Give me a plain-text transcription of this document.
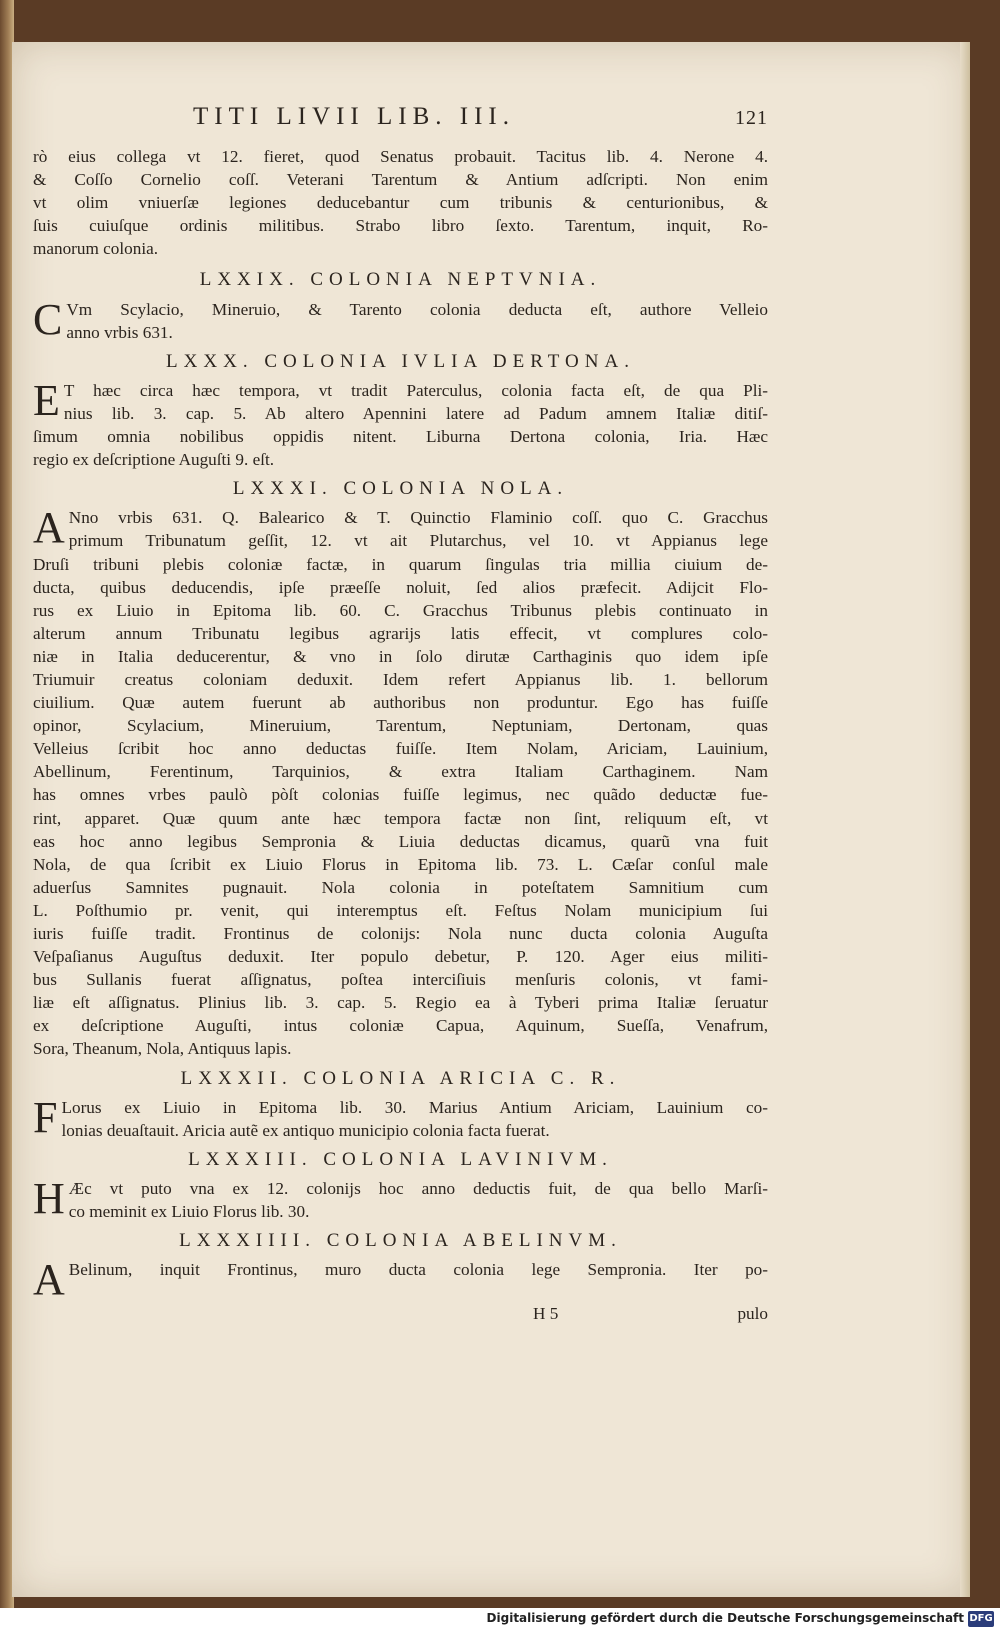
TITI LIVII LIB. III.	121
rò eius collega vt 12. fieret, quod Senatus probauit. Tacitus lib. 4. Nerone 4.
& Coſſo Cornelio coſſ. Veterani Tarentum & Antium adſcripti. Non enim
vt olim vniuerſæ legiones deducebantur cum tribunis & centurionibus, &
ſuis cuiuſque ordinis militibus. Strabo libro ſexto. Tarentum, inquit, Ro-
manorum colonia.
LXXIX. COLONIA NEPTVNIA.
C Vm Scylacio, Mineruio, & Tarento colonia deducta eſt, authore Velleio
anno vrbis 631.
LXXX. COLONIA IVLIA DERTONA.
E T hæc circa hæc tempora, vt tradit Paterculus, colonia facta eſt, de qua Pli-
nius lib. 3. cap. 5. Ab altero Apennini latere ad Padum amnem Italiæ ditiſ-
ſimum omnia nobilibus oppidis nitent. Liburna Dertona colonia, Iria. Hæc
regio ex deſcriptione Auguſti 9. eſt.
LXXXI. COLONIA NOLA.
A Nno vrbis 631. Q. Balearico & T. Quinctio Flaminio coſſ. quo C. Gracchus
primum Tribunatum geſſit, 12. vt ait Plutarchus, vel 10. vt Appianus lege
Druſi tribuni plebis coloniæ factæ, in quarum ſingulas tria millia ciuium de-
ducta, quibus deducendis, ipſe præeſſe noluit, ſed alios præfecit. Adijcit Flo-
rus ex Liuio in Epitoma lib. 60. C. Gracchus Tribunus plebis continuato in
alterum annum Tribunatu legibus agrarijs latis effecit, vt complures colo-
niæ in Italia deducerentur, & vno in ſolo dirutæ Carthaginis quo idem ipſe
Triumuir creatus coloniam deduxit. Idem refert Appianus lib. 1. bellorum
ciuilium. Quæ autem fuerunt ab authoribus non produntur. Ego has fuiſſe
opinor, Scylacium, Mineruium, Tarentum, Neptuniam, Dertonam, quas
Velleius ſcribit hoc anno deductas fuiſſe. Item Nolam, Ariciam, Lauinium,
Abellinum, Ferentinum, Tarquinios, & extra Italiam Carthaginem. Nam
has omnes vrbes paulò pòſt colonias fuiſſe legimus, nec quãdo deductæ fue-
rint, apparet. Quæ quum ante hæc tempora factæ non ſint, reliquum eſt, vt
eas hoc anno legibus Sempronia & Liuia deductas dicamus, quarũ vna fuit
Nola, de qua ſcribit ex Liuio Florus in Epitoma lib. 73. L. Cæſar conſul male
aduerſus Samnites pugnauit. Nola colonia in poteſtatem Samnitium cum
L. Poſthumio pr. venit, qui interemptus eſt. Feſtus Nolam municipium ſui
iuris fuiſſe tradit. Frontinus de colonijs: Nola nunc ducta colonia Auguſta
Veſpaſianus Auguſtus deduxit. Iter populo debetur, P. 120. Ager eius militi-
bus Sullanis fuerat aſſignatus, poſtea interciſiuis menſuris colonis, vt fami-
liæ eſt aſſignatus. Plinius lib. 3. cap. 5. Regio ea à Tyberi prima Italiæ ſeruatur
ex deſcriptione Auguſti, intus coloniæ Capua, Aquinum, Sueſſa, Venafrum,
Sora, Theanum, Nola, Antiquus lapis.
LXXXII. COLONIA ARICIA C. R.
F Lorus ex Liuio in Epitoma lib. 30. Marius Antium Ariciam, Lauinium co-
lonias deuaſtauit. Aricia autẽ ex antiquo municipio colonia facta fuerat.
LXXXIII. COLONIA LAVINIVM.
H Æc vt puto vna ex 12. colonijs hoc anno deductis fuit, de qua bello Marſi-
co meminit ex Liuio Florus lib. 30.
LXXXIIII. COLONIA ABELINVM.
A Belinum, inquit Frontinus, muro ducta colonia lege Sempronia. Iter po-
H 5	pulo
Digitalisierung gefördert durch die Deutsche Forschungsgemeinschaft DFG
